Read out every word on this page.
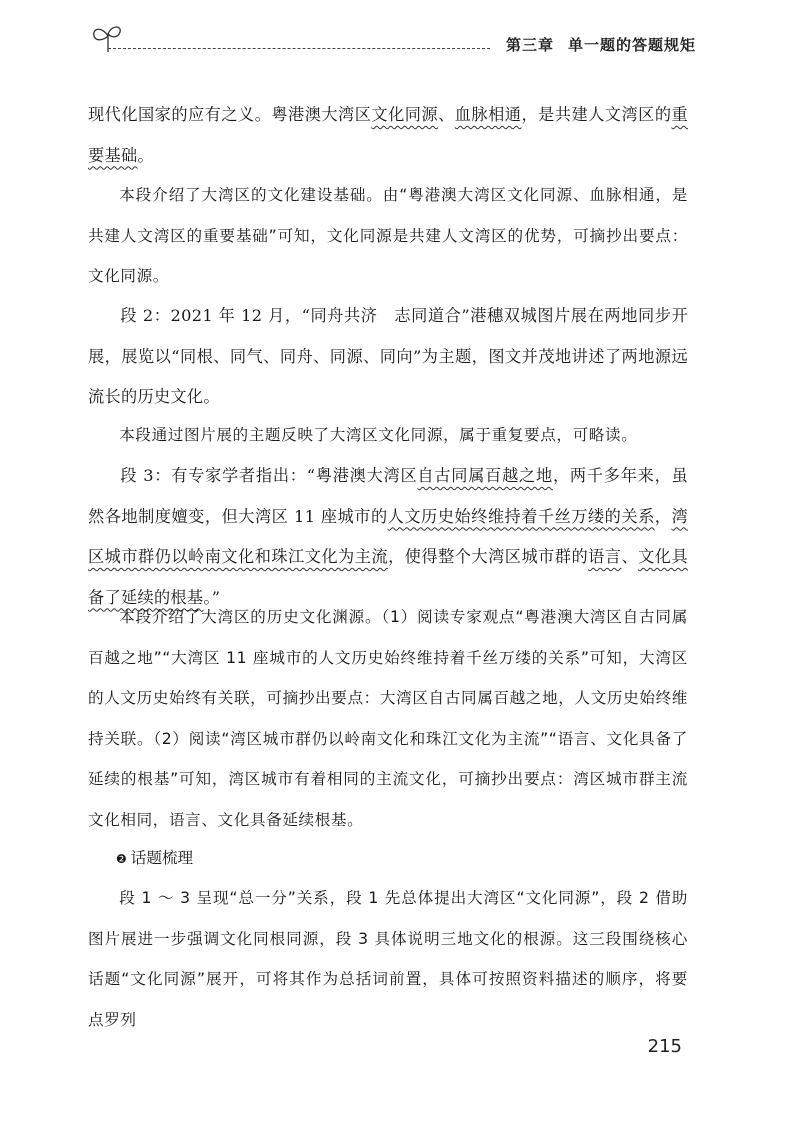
第三章 单一题的答题规矩

现代化国家的应有之义。粤港澳大湾区文化同源、血脉相通，是共建人文湾区的重要基础。

本段介绍了大湾区的文化建设基础。由“粤港澳大湾区文化同源、血脉相通，是共建人文湾区的重要基础”可知，文化同源是共建人文湾区的优势，可摘抄出要点：文化同源。

段 2：2021 年 12 月，“同舟共济　志同道合”港穗双城图片展在两地同步开展，展览以“同根、同气、同舟、同源、同向”为主题，图文并茂地讲述了两地源远流长的历史文化。

本段通过图片展的主题反映了大湾区文化同源，属于重复要点，可略读。

段 3：有专家学者指出：“粤港澳大湾区自古同属百越之地，两千多年来，虽然各地制度嬗变，但大湾区 11 座城市的人文历史始终维持着千丝万缕的关系，湾区城市群仍以岭南文化和珠江文化为主流，使得整个大湾区城市群的语言、文化具备了延续的根基。”

本段介绍了大湾区的历史文化渊源。（1）阅读专家观点“粤港澳大湾区自古同属百越之地”“大湾区 11 座城市的人文历史始终维持着千丝万缕的关系”可知，大湾区的人文历史始终有关联，可摘抄出要点：大湾区自古同属百越之地，人文历史始终维持关联。（2）阅读“湾区城市群仍以岭南文化和珠江文化为主流”“语言、文化具备了延续的根基”可知，湾区城市有着相同的主流文化，可摘抄出要点：湾区城市群主流文化相同，语言、文化具备延续根基。

❷ 话题梳理

段 1 ～ 3 呈现“总一分”关系，段 1 先总体提出大湾区“文化同源”，段 2 借助图片展进一步强调文化同根同源，段 3 具体说明三地文化的根源。这三段围绕核心话题“文化同源”展开，可将其作为总括词前置，具体可按照资料描述的顺序，将要点罗列

215
